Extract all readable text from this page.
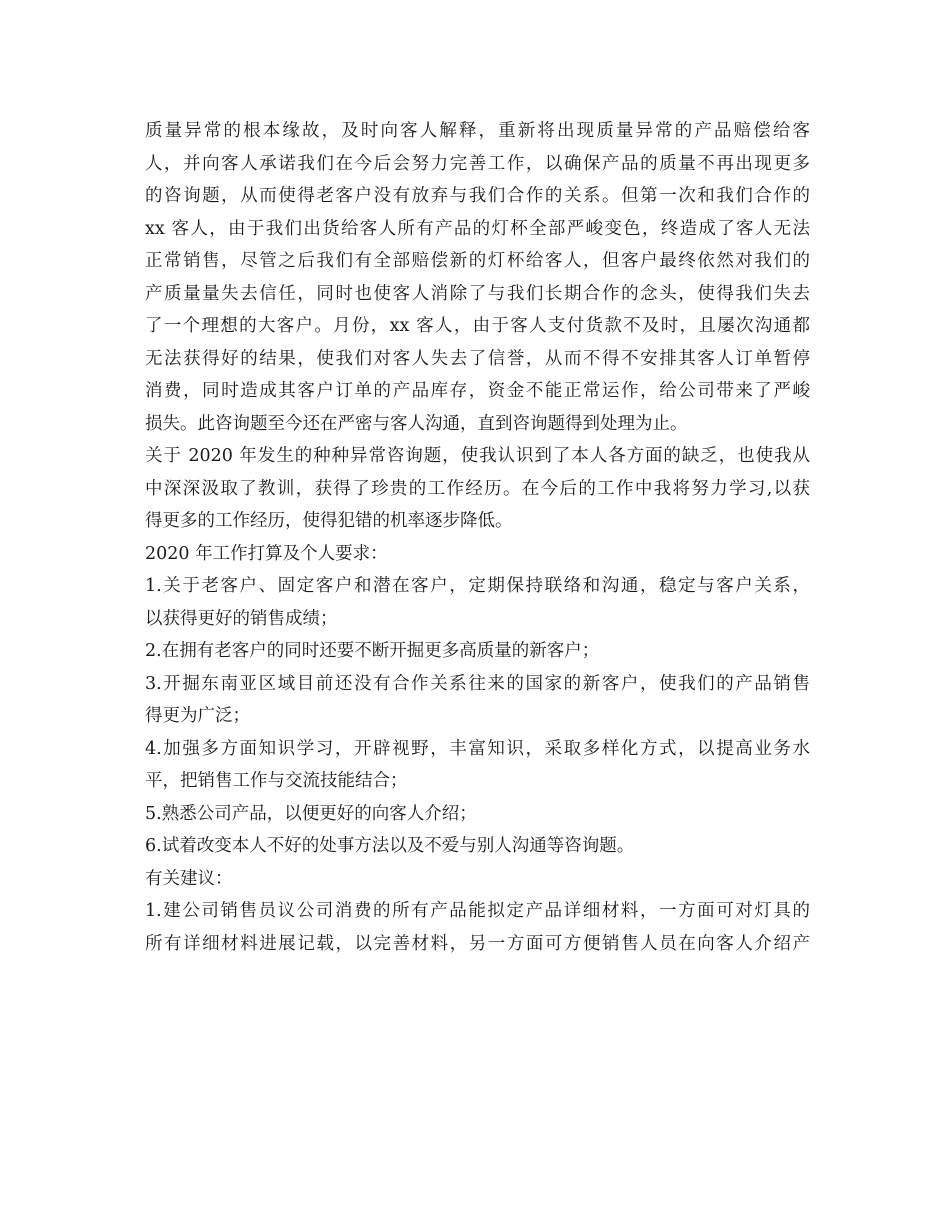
质量异常的根本缘故，及时向客人解释，重新将出现质量异常的产品赔偿给客
人，并向客人承诺我们在今后会努力完善工作，以确保产品的质量不再出现更多
的咨询题，从而使得老客户没有放弃与我们合作的关系。但第一次和我们合作的
xx 客人，由于我们出货给客人所有产品的灯杯全部严峻变色，终造成了客人无法
正常销售，尽管之后我们有全部赔偿新的灯杯给客人，但客户最终依然对我们的
产质量量失去信任，同时也使客人消除了与我们长期合作的念头，使得我们失去
了一个理想的大客户。月份，xx 客人，由于客人支付货款不及时，且屡次沟通都
无法获得好的结果，使我们对客人失去了信誉，从而不得不安排其客人订单暂停
消费，同时造成其客户订单的产品库存，资金不能正常运作，给公司带来了严峻
损失。此咨询题至今还在严密与客人沟通，直到咨询题得到处理为止。
关于 2020 年发生的种种异常咨询题，使我认识到了本人各方面的缺乏，也使我从
中深深汲取了教训，获得了珍贵的工作经历。在今后的工作中我将努力学习,以获
得更多的工作经历，使得犯错的机率逐步降低。
2020 年工作打算及个人要求：
1.关于老客户、固定客户和潜在客户，定期保持联络和沟通，稳定与客户关系，
以获得更好的销售成绩；
2.在拥有老客户的同时还要不断开掘更多高质量的新客户；
3.开掘东南亚区域目前还没有合作关系往来的国家的新客户，使我们的产品销售
得更为广泛；
4.加强多方面知识学习，开辟视野，丰富知识，采取多样化方式，以提高业务水
平，把销售工作与交流技能结合；
5.熟悉公司产品，以便更好的向客人介绍；
6.试着改变本人不好的处事方法以及不爱与别人沟通等咨询题。
有关建议：
1.建公司销售员议公司消费的所有产品能拟定产品详细材料，一方面可对灯具的
所有详细材料进展记载，以完善材料，另一方面可方便销售人员在向客人介绍产
